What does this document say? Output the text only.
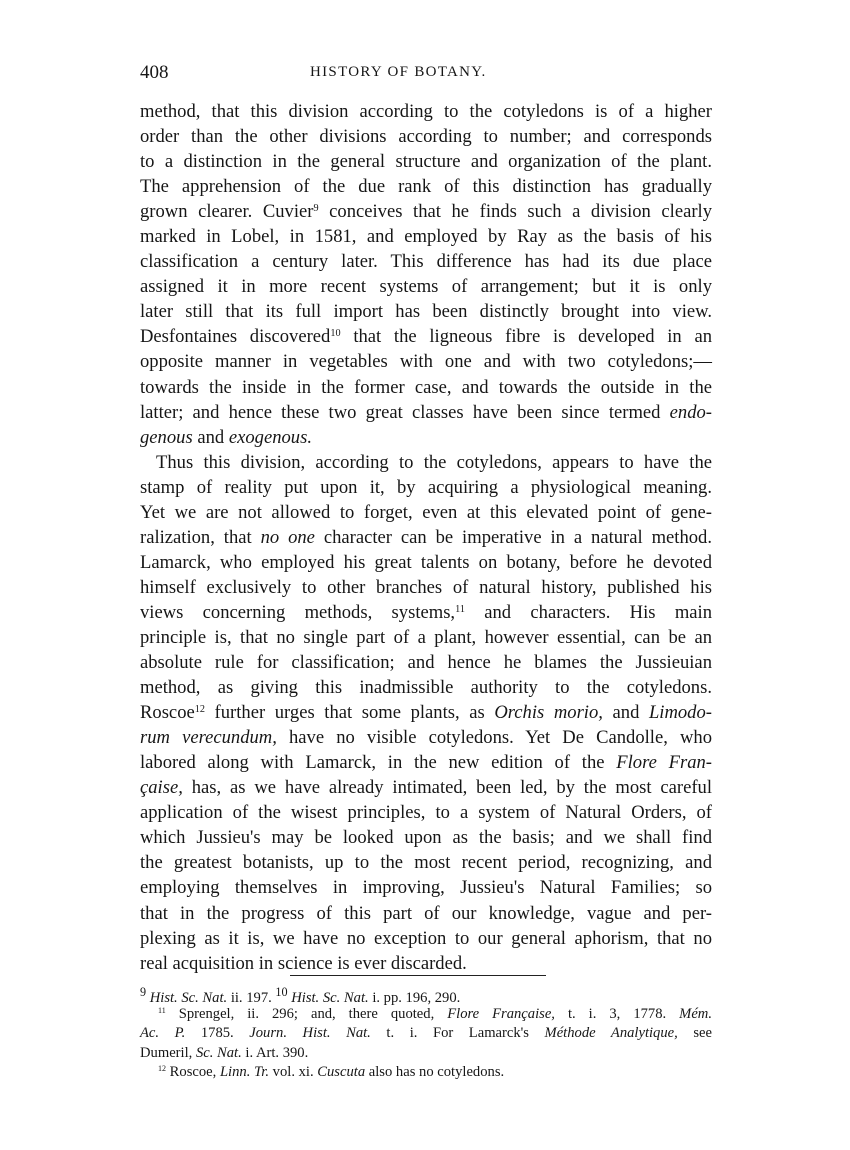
408	HISTORY OF BOTANY.
method, that this division according to the cotyledons is of a higher
order than the other divisions according to number; and corresponds
to a distinction in the general structure and organization of the plant.
The apprehension of the due rank of this distinction has gradually
grown clearer. Cuvier$^9$ conceives that he finds such a division clearly
marked in Lobel, in 1581, and employed by Ray as the basis of his
classification a century later. This difference has had its due place
assigned it in more recent systems of arrangement; but it is only
later still that its full import has been distinctly brought into view.
Desfontaines discovered$^{10}$ that the ligneous fibre is developed in an
opposite manner in vegetables with one and with two cotyledons;—
towards the inside in the former case, and towards the outside in the
latter; and hence these two great classes have been since termed endo-
genous and exogenous.
Thus this division, according to the cotyledons, appears to have the
stamp of reality put upon it, by acquiring a physiological meaning.
Yet we are not allowed to forget, even at this elevated point of gene-
ralization, that no one character can be imperative in a natural method.
Lamarck, who employed his great talents on botany, before he devoted
himself exclusively to other branches of natural history, published his
views concerning methods, systems,$^{11}$ and characters. His main
principle is, that no single part of a plant, however essential, can be an
absolute rule for classification; and hence he blames the Jussieuian
method, as giving this inadmissible authority to the cotyledons.
Roscoe$^{12}$ further urges that some plants, as Orchis morio, and Limodo-
rum verecundum, have no visible cotyledons. Yet De Candolle, who
labored along with Lamarck, in the new edition of the Flore Fran-
çaise, has, as we have already intimated, been led, by the most careful
application of the wisest principles, to a system of Natural Orders, of
which Jussieu's may be looked upon as the basis; and we shall find
the greatest botanists, up to the most recent period, recognizing, and
employing themselves in improving, Jussieu's Natural Families; so
that in the progress of this part of our knowledge, vague and per-
plexing as it is, we have no exception to our general aphorism, that no
real acquisition in science is ever discarded.
$^9$ Hist. Sc. Nat. ii. 197. $^{10}$ Hist. Sc. Nat. i. pp. 196, 290.
$^{11}$ Sprengel, ii. 296; and, there quoted, Flore Française, t. i. 3, 1778. Mém.
Ac. P. 1785. Journ. Hist. Nat. t. i. For Lamarck's Méthode Analytique, see
Dumeril, Sc. Nat. i. Art. 390.
$^{12}$ Roscoe, Linn. Tr. vol. xi. Cuscuta also has no cotyledons.
